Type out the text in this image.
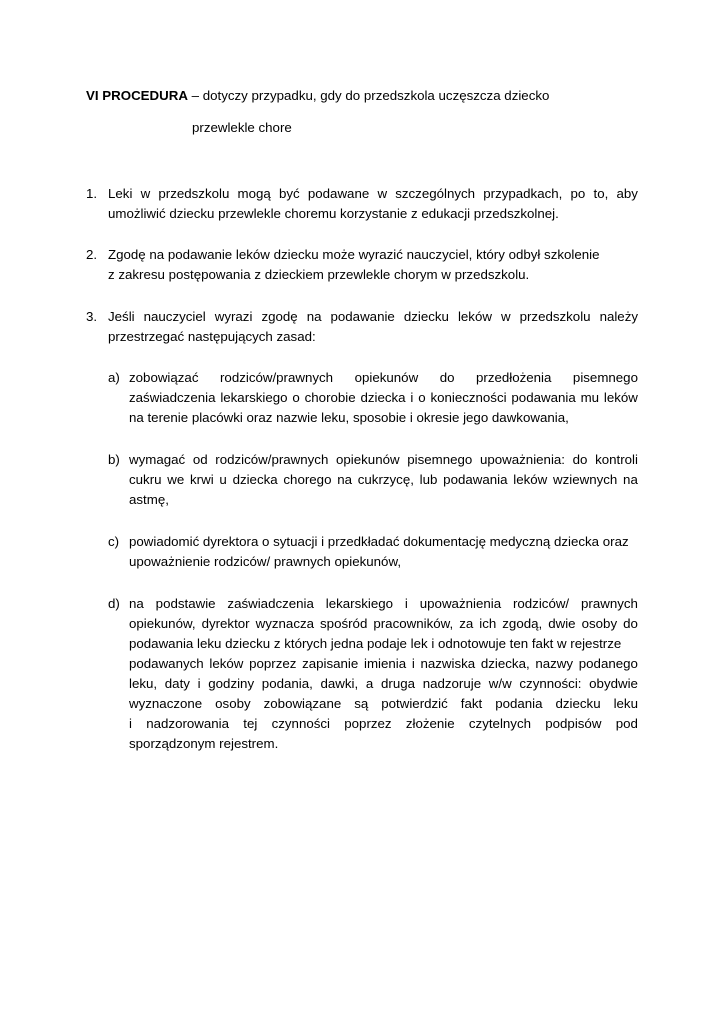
VI PROCEDURA – dotyczy przypadku, gdy do przedszkola uczęszcza dziecko
przewlekle chore
1. Leki w przedszkolu mogą być podawane w szczególnych przypadkach, po to, aby
umożliwić dziecku przewlekle choremu korzystanie z edukacji przedszkolnej.
2. Zgodę na podawanie leków dziecku może wyrazić nauczyciel, który odbył szkolenie
z zakresu postępowania z dzieckiem przewlekle chorym w przedszkolu.
3. Jeśli nauczyciel wyrazi zgodę na podawanie dziecku leków w przedszkolu należy
przestrzegać następujących zasad:
a) zobowiązać rodziców/prawnych opiekunów do przedłożenia pisemnego
zaświadczenia lekarskiego o chorobie dziecka i o konieczności podawania mu leków
na terenie placówki oraz nazwie leku, sposobie i okresie jego dawkowania,
b) wymagać od rodziców/prawnych opiekunów pisemnego upoważnienia: do kontroli
cukru we krwi u dziecka chorego na cukrzycę, lub podawania leków wziewnych na
astmę,
c) powiadomić dyrektora o sytuacji i przedkładać dokumentację medyczną dziecka oraz
upoważnienie rodziców/ prawnych opiekunów,
d) na podstawie zaświadczenia lekarskiego i upoważnienia rodziców/ prawnych
opiekunów, dyrektor wyznacza spośród pracowników, za ich zgodą, dwie osoby do
podawania leku dziecku z których jedna podaje lek i odnotowuje ten fakt w rejestrze
podawanych leków poprzez zapisanie imienia i nazwiska dziecka, nazwy podanego
leku, daty i godziny podania, dawki, a druga nadzoruje w/w czynności: obydwie
wyznaczone osoby zobowiązane są potwierdzić fakt podania dziecku leku
i nadzorowania tej czynności poprzez złożenie czytelnych podpisów pod
sporządzonym rejestrem.
